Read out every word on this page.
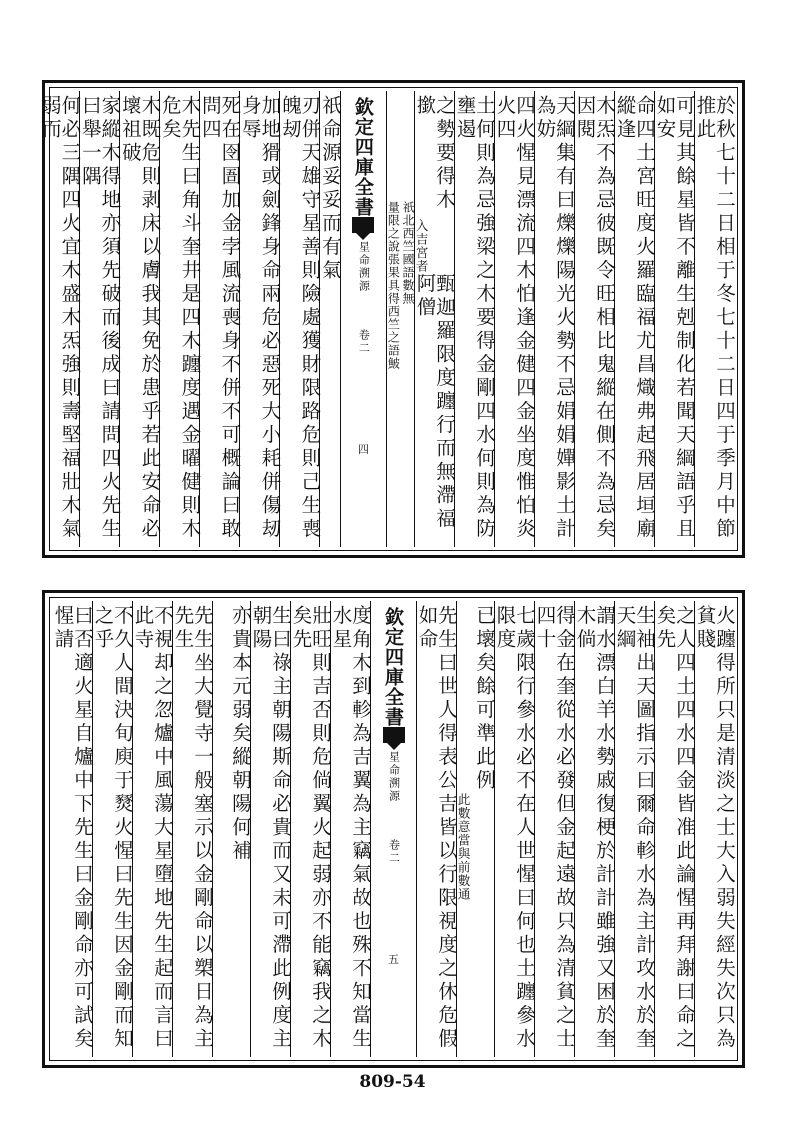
於秋七十二日相于冬七十二日四于季月中節推此
可見其餘星皆不離生剋制化若聞天綱語乎且如安
命四土宮旺度火羅臨福尤昌熾弗起飛居垣廟縱逢
木炁不為忌彼既令旺相比鬼縱在側不為忌矣因閱
天綱集有曰爍爍陽光火勢不忌娟娟嬋影土計為妨
四火惺見漂流四木怕逢金健四金坐度惟怕炎火四
土何則為忌強梁之木要得金剛四水何則為防壅遏
之勢要得木撳
入吉
宮者
甄迦羅限度躔行而無滯福阿僧
祇北西竺國語數無
量限之說張果具得西竺之語鮍
欽定四庫全書
星命溯源  卷二
四
祇命源妥妥而有氣
刃併天雄守星善則險處獲財限路危則己生喪魄刼
加地猾或劍鋒身命兩危必惡死大小耗併傷刼身辱
死在囹圄加金孛風流喪身不併不可概論曰敢問四
木先生曰角斗奎井是四木躔度遇金曜健則木危矣
木既危則剥床以膚我其免於患乎若此安命必壞祖破
家縱木得地亦須先破而後成曰請問四火先生曰舉一隅
何必三隅四火宜木盛木炁強則壽堅福壯木氣弱而
火躔得所只是清淡之士大入弱失經失次只為貧賤
之人四土四水四金皆准此論惺再拜謝曰命之矣先
生袖出天圖指示曰爾命軫水為主計攻水於奎天綱
謂水漂白羊水勢戚復梗於計計雖強又困於奎木倘
得金在奎從水必發但金起遠故只為清貧之士四十
七歲限行參水必不在人世惺曰何也土躔參水限度
已壞矣餘可準此例
此數意當
與前數通
先生曰世人得表公吉皆以行限視度之休危假如命
欽定四庫全書
星命溯源  卷二
五
度角木到軫為吉翼為主竊氣故也殊不知當生水星
壯旺則吉否則危倘翼火起弱亦不能竊我之木矣先
生曰祿主朝陽斯命必貴而又未可滯此例度主朝陽
亦貴本元弱矣縱朝陽何補
先生坐大覺寺一般塞示以金剛命以槊日為主先生
不視却之忽爐中風蕩大星墮地先生起而言曰此寺
不久人間決旬庾于燹火惺曰先生因金剛而知之乎
曰否適火星自爐中下先生曰金剛命亦可試矣惺請
809-54
